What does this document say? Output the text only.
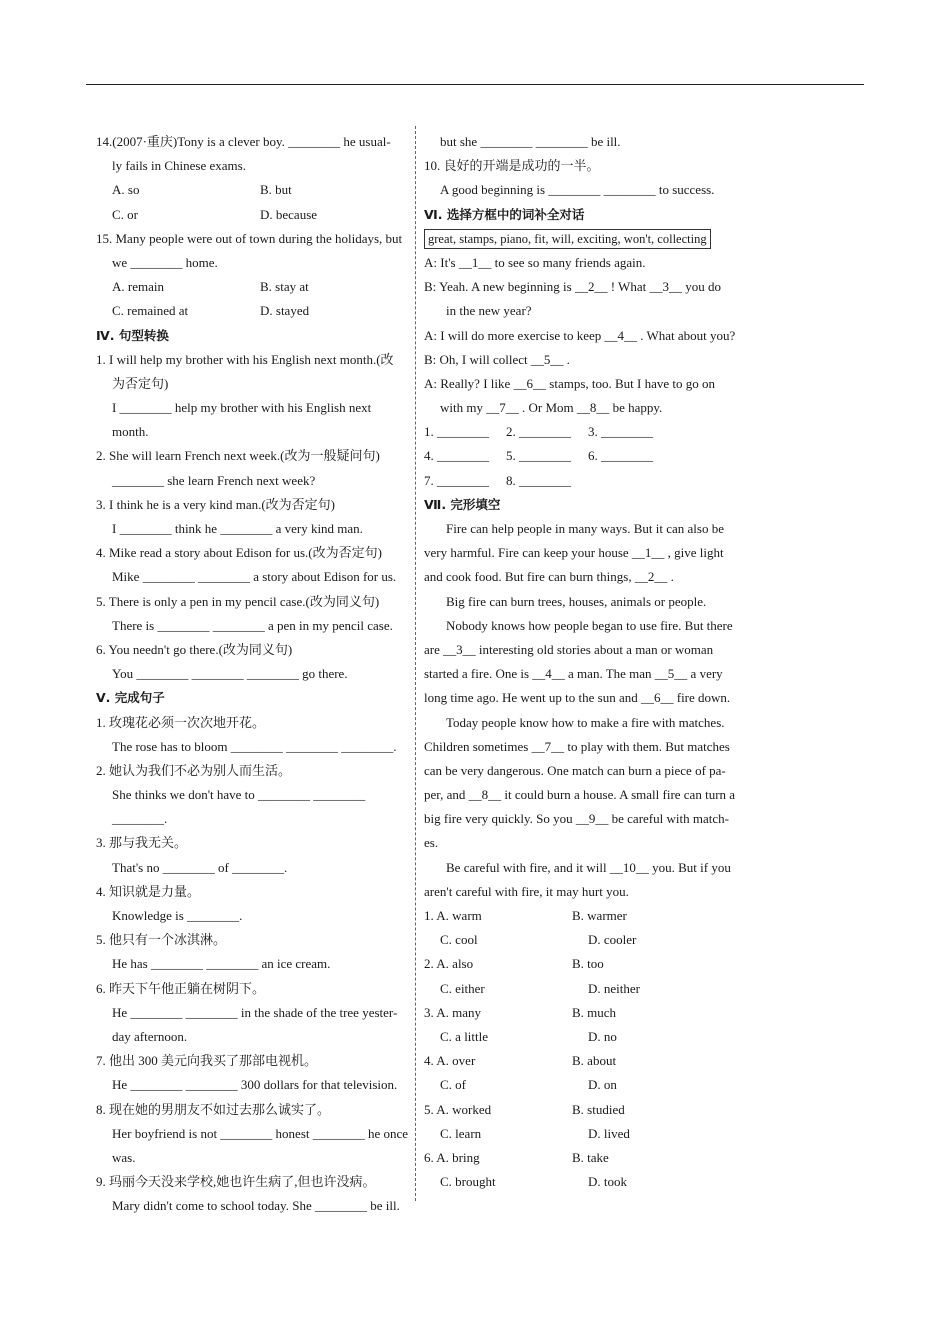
14.(2007·重庆)Tony is a clever boy. ________ he usual-
ly fails in Chinese exams.
A. so	B. but
C. or	D. because
15. Many people were out of town during the holidays, but
we ________ home.
A. remain	B. stay at
C. remained at	D. stayed
Ⅳ. 句型转换
1. I will help my brother with his English next month.(改
为否定句)
I ________ help my brother with his English next
month.
2. She will learn French next week.(改为一般疑问句)
________ she learn French next week?
3. I think he is a very kind man.(改为否定句)
I ________ think he ________ a very kind man.
4. Mike read a story about Edison for us.(改为否定句)
Mike ________ ________ a story about Edison for us.
5. There is only a pen in my pencil case.(改为同义句)
There is ________ ________ a pen in my pencil case.
6. You needn't go there.(改为同义句)
You ________ ________ ________ go there.
Ⅴ. 完成句子
1. 玫瑰花必须一次次地开花。
The rose has to bloom ________ ________ ________.
2. 她认为我们不必为别人而生活。
She thinks we don't have to ________ ________
________.
3. 那与我无关。
That's no ________ of ________.
4. 知识就是力量。
Knowledge is ________.
5. 他只有一个冰淇淋。
He has ________ ________ an ice cream.
6. 昨天下午他正躺在树阴下。
He ________ ________ in the shade of the tree yester-
day afternoon.
7. 他出 300 美元向我买了那部电视机。
He ________ ________ 300 dollars for that television.
8. 现在她的男朋友不如过去那么诚实了。
Her boyfriend is not ________ honest ________ he once
was.
9. 玛丽今天没来学校,她也许生病了,但也许没病。
Mary didn't come to school today. She ________ be ill.
but she ________ ________ be ill.
10. 良好的开端是成功的一半。
A good beginning is ________ ________ to success.
Ⅵ. 选择方框中的词补全对话
great, stamps, piano, fit, will, exciting, won't, collecting
A: It's __1__ to see so many friends again.
B: Yeah. A new beginning is __2__ ! What __3__ you do
in the new year?
A: I will do more exercise to keep __4__ . What about you?
B: Oh, I will collect __5__ .
A: Really? I like __6__ stamps, too. But I have to go on
with my __7__ . Or Mom __8__ be happy.
1. ________	2. ________	3. ________
4. ________	5. ________	6. ________
7. ________	8. ________
Ⅶ. 完形填空
Fire can help people in many ways. But it can also be
very harmful. Fire can keep your house __1__ , give light
and cook food. But fire can burn things, __2__ .
Big fire can burn trees, houses, animals or people.
Nobody knows how people began to use fire. But there
are __3__ interesting old stories about a man or woman
started a fire. One is __4__ a man. The man __5__ a very
long time ago. He went up to the sun and __6__ fire down.
Today people know how to make a fire with matches.
Children sometimes __7__ to play with them. But matches
can be very dangerous. One match can burn a piece of pa-
per, and __8__ it could burn a house. A small fire can turn a
big fire very quickly. So you __9__ be careful with match-
es.
Be careful with fire, and it will __10__ you. But if you
aren't careful with fire, it may hurt you.
1. A. warm	B. warmer
C. cool	D. cooler
2. A. also	B. too
C. either	D. neither
3. A. many	B. much
C. a little	D. no
4. A. over	B. about
C. of	D. on
5. A. worked	B. studied
C. learn	D. lived
6. A. bring	B. take
C. brought	D. took
